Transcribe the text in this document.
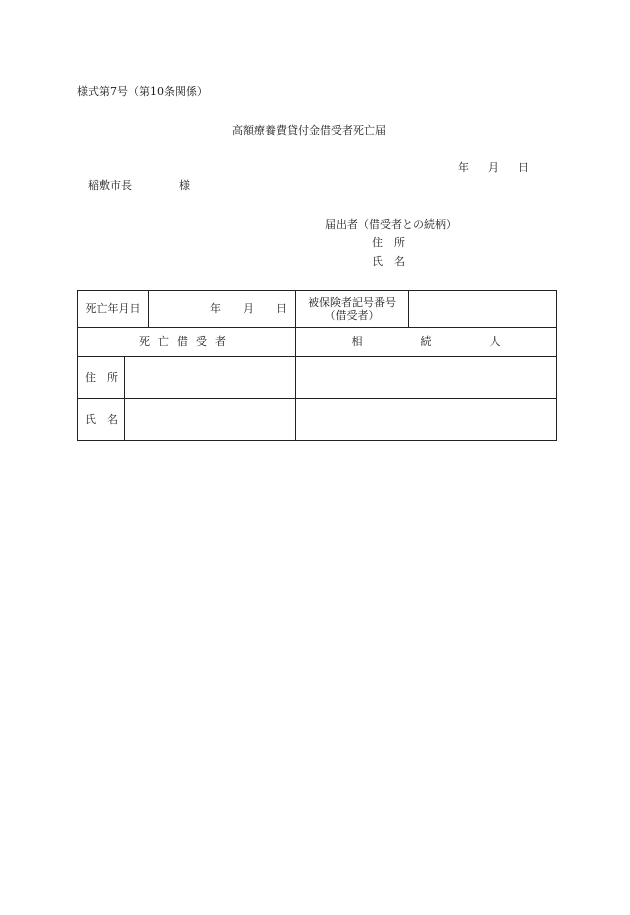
様式第7号（第10条関係）
高額療養費貸付金借受者死亡届
年 月 日
稲敷市長	様
届出者（借受者との続柄）
住 所
氏 名
死亡年月日		年 月 日	被保険者記号番号
（借受者）	

死亡借受者			相 続 人	
住 所				
氏 名				
